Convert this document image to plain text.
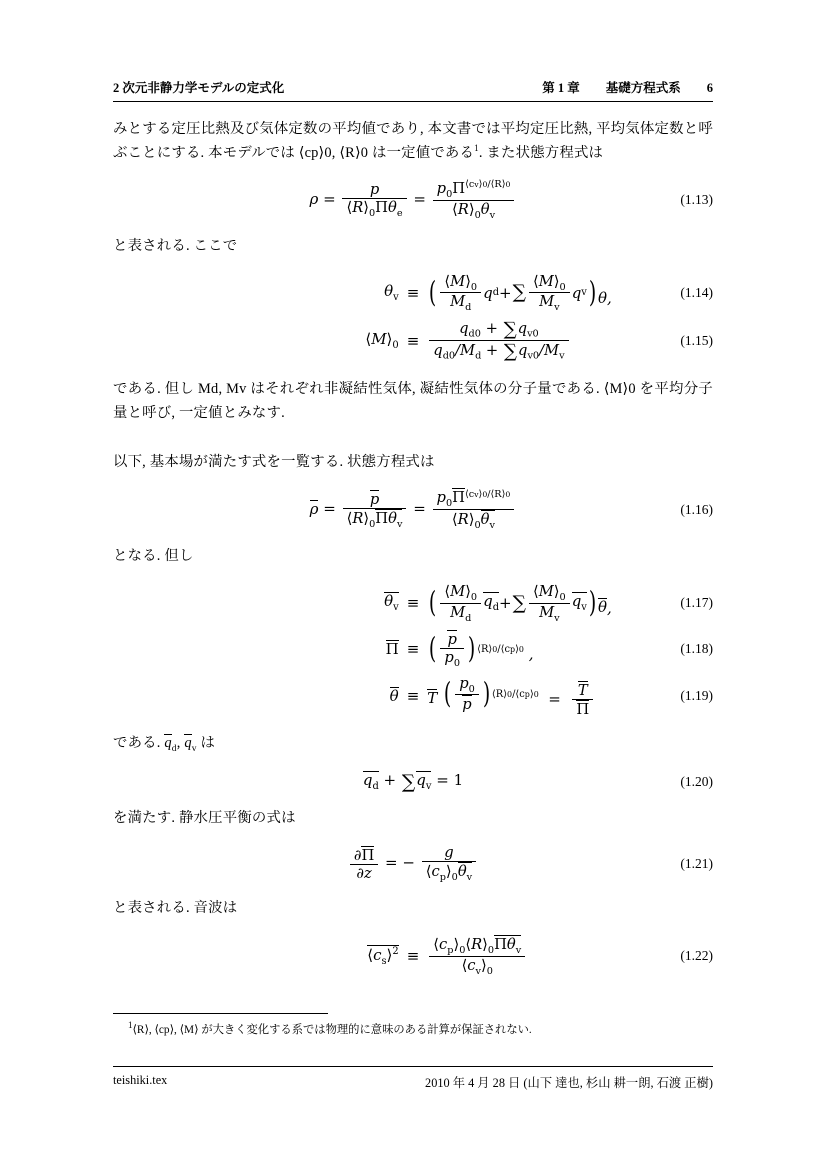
2 次元非静力学モデルの定式化	第 1 章 基礎方程式系 6

みとする定圧比熱及び気体定数の平均値であり, 本文書では平均定圧比熱, 平均気体定数と呼ぶことにする. 本モデルでは ⟨cp⟩0, ⟨R⟩0 は一定値である$^1$. また状態方程式は

$\rho = \frac{p}{⟨R⟩_0\Pi\theta_e} = \frac{p_0\Pi^{⟨cv⟩0/⟨R⟩0}}{⟨R⟩_0\theta_v}$	(1.13)

と表される. ここで

$\theta_v$ ≡ ( $\frac{⟨M⟩_0}{M_d}$ q d + ∑ $\frac{⟨M⟩_0}{M_v}$ q v ) θ,	(1.14)
$⟨M⟩_0 \equiv \frac{q_{d0} + \sum q_{v0}}{q_{d0}/M_d + \sum q_{v0}/M_v}$	(1.15)

である. 但し Md, Mv はそれぞれ非凝結性気体, 凝結性気体の分子量である. ⟨M⟩0 を平均分子量と呼び, 一定値とみなす.

以下, 基本場が満たす式を一覧する. 状態方程式は

$\rho = \frac{p}{⟨R⟩_0\Pi\theta_v} = \frac{p_0\Pi^{⟨cv⟩0/⟨R⟩0}}{⟨R⟩_0\theta_v}$	(1.16)

となる. 但し

$\theta_v$ ≡ ( $\frac{⟨M⟩_0}{M_d} q_d$ + ∑ $\frac{⟨M⟩_0}{M_v} q_v$ ) θ,	(1.17)
Π ≡ ( $\frac{p}{p_0}$ ) $^{⟨R⟩0/⟨cp⟩0}$ ,	(1.18)
θ ≡ T ( $\frac{p_0}{p}$ ) $^{⟨R⟩0/⟨cp⟩0} = \frac{T}{\Pi}$	(1.19)

である. $q_d$, $q_v$ は

$q_d + \sum q_v = 1$	(1.20)

を満たす. 静水圧平衡の式は

$\frac{\partial\Pi}{\partial z}$ = − $\frac{g}{⟨c_p⟩_0\theta_v}$	(1.21)

と表される. 音波は

$⟨c_s⟩^2 \equiv \frac{⟨c_p⟩_0⟨R⟩_0\Pi\theta_v}{⟨c_v⟩_0}$	(1.22)
$^1$⟨R⟩, ⟨cp⟩, ⟨M⟩ が大きく変化する系では物理的に意味のある計算が保証されない.
teishiki.tex	2010 年 4 月 28 日 (山下 達也, 杉山 耕一朗, 石渡 正樹)
